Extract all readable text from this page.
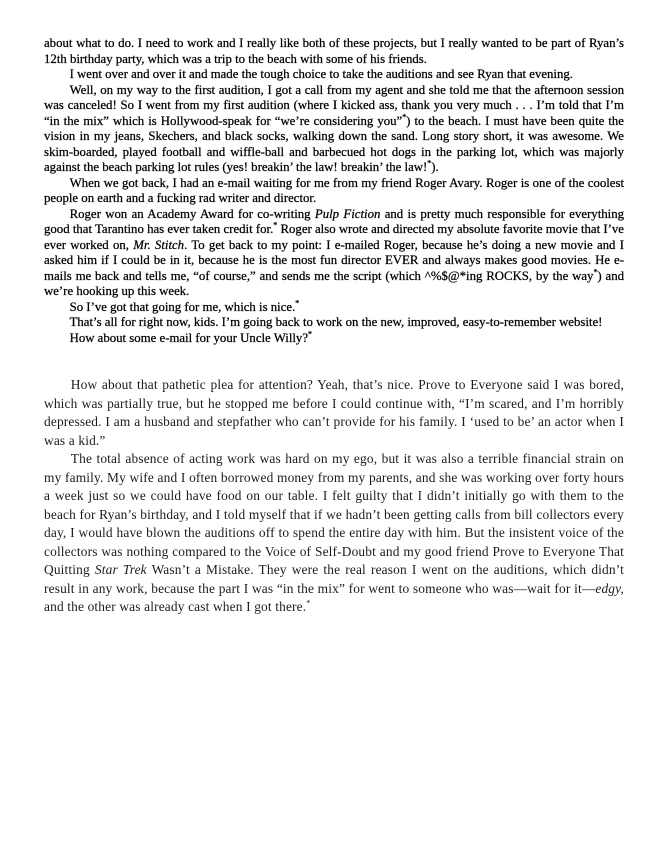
about what to do. I need to work and I really like both of these projects, but I really wanted to be part of Ryan’s 12th birthday party, which was a trip to the beach with some of his friends.

I went over and over it and made the tough choice to take the auditions and see Ryan that evening.

Well, on my way to the first audition, I got a call from my agent and she told me that the afternoon session was canceled! So I went from my first audition (where I kicked ass, thank you very much . . . I’m told that I’m “in the mix” which is Hollywood-speak for “we’re considering you”*) to the beach. I must have been quite the vision in my jeans, Skechers, and black socks, walking down the sand. Long story short, it was awesome. We skim-boarded, played football and wiffle-ball and barbecued hot dogs in the parking lot, which was majorly against the beach parking lot rules (yes! breakin’ the law! breakin’ the law!*).

When we got back, I had an e-mail waiting for me from my friend Roger Avary. Roger is one of the coolest people on earth and a fucking rad writer and director.

Roger won an Academy Award for co-writing Pulp Fiction and is pretty much responsible for everything good that Tarantino has ever taken credit for.* Roger also wrote and directed my absolute favorite movie that I’ve ever worked on, Mr. Stitch. To get back to my point: I e-mailed Roger, because he’s doing a new movie and I asked him if I could be in it, because he is the most fun director EVER and always makes good movies. He e-mails me back and tells me, “of course,” and sends me the script (which ^%$@*ing ROCKS, by the way*) and we’re hooking up this week.

So I’ve got that going for me, which is nice.*

That’s all for right now, kids. I’m going back to work on the new, improved, easy-to-remember website!

How about some e-mail for your Uncle Willy?*

How about that pathetic plea for attention? Yeah, that’s nice. Prove to Everyone said I was bored, which was partially true, but he stopped me before I could continue with, “I’m scared, and I’m horribly depressed. I am a husband and stepfather who can’t provide for his family. I ‘used to be’ an actor when I was a kid.”

The total absence of acting work was hard on my ego, but it was also a terrible financial strain on my family. My wife and I often borrowed money from my parents, and she was working over forty hours a week just so we could have food on our table. I felt guilty that I didn’t initially go with them to the beach for Ryan’s birthday, and I told myself that if we hadn’t been getting calls from bill collectors every day, I would have blown the auditions off to spend the entire day with him. But the insistent voice of the collectors was nothing compared to the Voice of Self-Doubt and my good friend Prove to Everyone That Quitting Star Trek Wasn’t a Mistake. They were the real reason I went on the auditions, which didn’t result in any work, because the part I was “in the mix” for went to someone who was—wait for it—edgy, and the other was already cast when I got there.*
